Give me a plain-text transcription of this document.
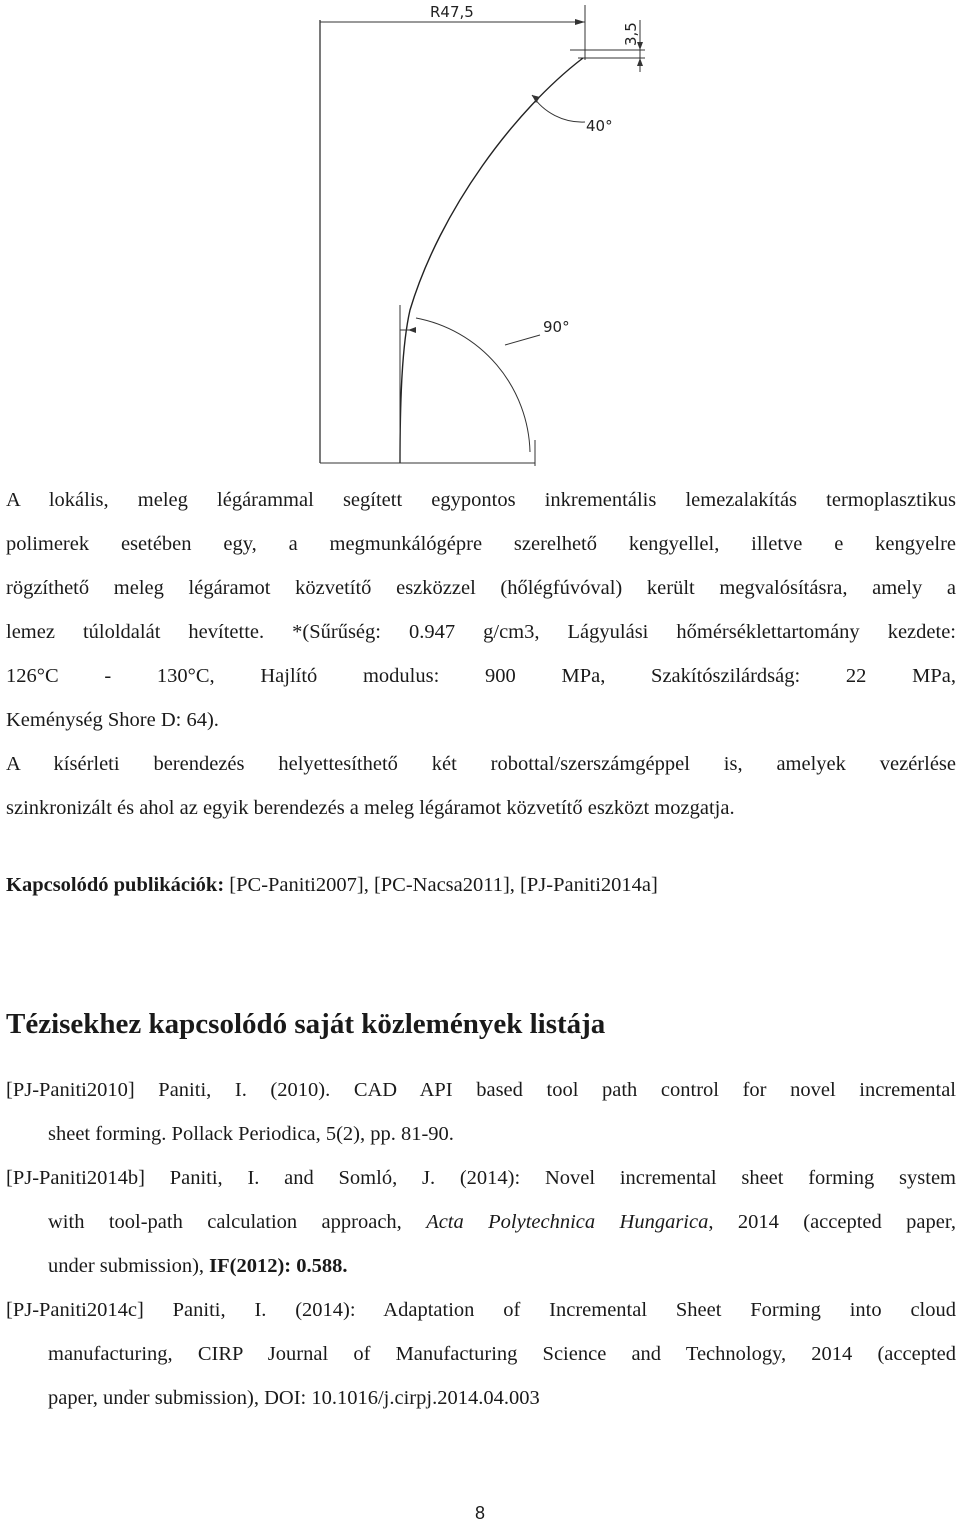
R47,5
3,5
40°
90°
A lokális, meleg légárammal segített egypontos inkrementális lemezalakítás termoplasztikus
polimerek esetében egy, a megmunkálógépre szerelhető kengyellel, illetve e kengyelre
rögzíthető meleg légáramot közvetítő eszközzel (hőlégfúvóval) került megvalósításra, amely a
lemez túloldalát hevítette. *(Sűrűség: 0.947 g/cm3, Lágyulási hőmérséklettartomány kezdete:
126°C - 130°C, Hajlító modulus: 900 MPa, Szakítószilárdság: 22 MPa,
Keménység Shore D: 64).
A kísérleti berendezés helyettesíthető két robottal/szerszámgéppel is, amelyek vezérlése
szinkronizált és ahol az egyik berendezés a meleg légáramot közvetítő eszközt mozgatja.
Kapcsolódó publikációk: [PC-Paniti2007], [PC-Nacsa2011], [PJ-Paniti2014a]
Tézisekhez kapcsolódó saját közlemények listája
[PJ-Paniti2010] Paniti, I. (2010). CAD API based tool path control for novel incremental
sheet forming. Pollack Periodica, 5(2), pp. 81-90.
[PJ-Paniti2014b] Paniti, I. and Somló, J. (2014): Novel incremental sheet forming system
with tool-path calculation approach, Acta Polytechnica Hungarica, 2014 (accepted paper,
under submission), IF(2012): 0.588.
[PJ-Paniti2014c] Paniti, I. (2014): Adaptation of Incremental Sheet Forming into cloud
manufacturing, CIRP Journal of Manufacturing Science and Technology, 2014 (accepted
paper, under submission), DOI: 10.1016/j.cirpj.2014.04.003
8
